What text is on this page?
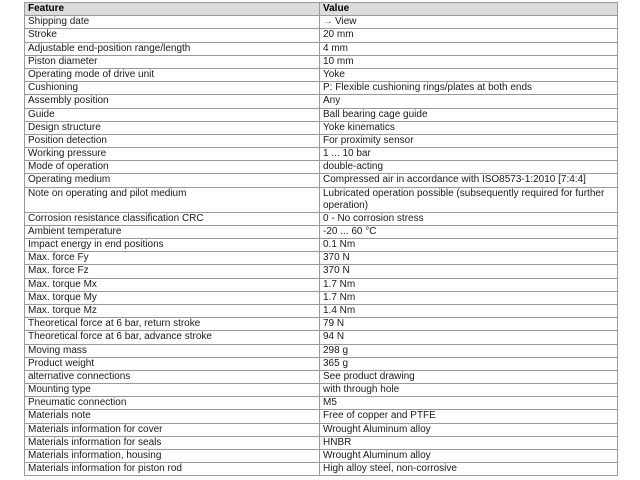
Feature	Value
Shipping date	→ View
Stroke	20 mm
Adjustable end-position range/length	4 mm
Piston diameter	10 mm
Operating mode of drive unit	Yoke
Cushioning	P: Flexible cushioning rings/plates at both ends
Assembly position	Any
Guide	Ball bearing cage guide
Design structure	Yoke kinematics
Position detection	For proximity sensor
Working pressure	1 ... 10 bar
Mode of operation	double-acting
Operating medium	Compressed air in accordance with ISO8573-1:2010 [7:4:4]
Note on operating and pilot medium	Lubricated operation possible (subsequently required for further operation)
Corrosion resistance classification CRC	0 - No corrosion stress
Ambient temperature	-20 ... 60 °C
Impact energy in end positions	0.1 Nm
Max. force Fy	370 N
Max. force Fz	370 N
Max. torque Mx	1.7 Nm
Max. torque My	1.7 Nm
Max. torque Mz	1.4 Nm
Theoretical force at 6 bar, return stroke	79 N
Theoretical force at 6 bar, advance stroke	94 N
Moving mass	298 g
Product weight	365 g
alternative connections	See product drawing
Mounting type	with through hole
Pneumatic connection	M5
Materials note	Free of copper and PTFE
Materials information for cover	Wrought Aluminum alloy
Materials information for seals	HNBR
Materials information, housing	Wrought Aluminum alloy
Materials information for piston rod	High alloy steel, non-corrosive
